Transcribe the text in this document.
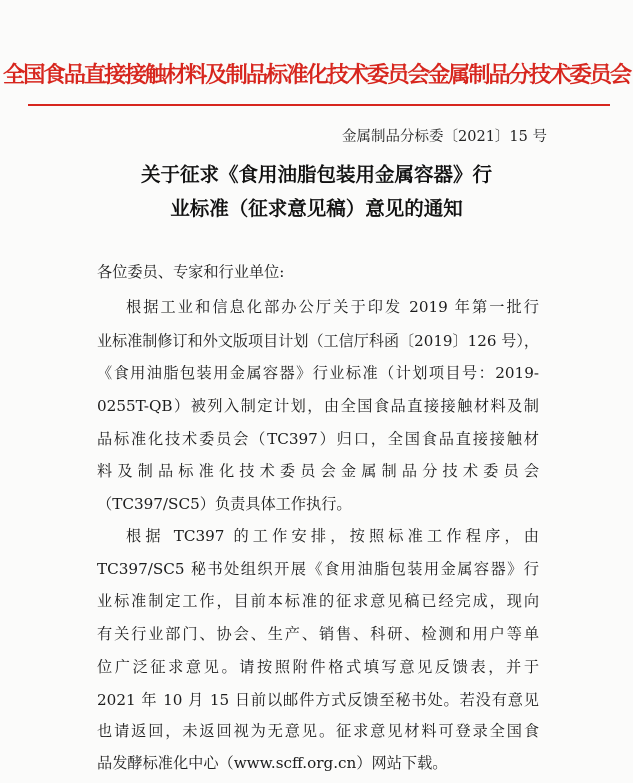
全国食品直接接触材料及制品标准化技术委员会金属制品分技术委员会
金属制品分标委〔2021〕15 号
关于征求《食用油脂包装用金属容器》行
业标准（征求意见稿）意见的通知
各位委员、专家和行业单位:
根据工业和信息化部办公厅关于印发 2019 年第一批行
业标准制修订和外文版项目计划（工信厅科函〔2019〕126 号），
《食用油脂包装用金属容器》行业标准（计划项目号：2019-
0255T-QB）被列入制定计划，由全国食品直接接触材料及制
品标准化技术委员会（TC397）归口，全国食品直接接触材
料及制品标准化技术委员会金属制品分技术委员会
（TC397/SC5）负责具体工作执行。
根据 TC397 的工作安排，按照标准工作程序，由
TC397/SC5 秘书处组织开展《食用油脂包装用金属容器》行
业标准制定工作，目前本标准的征求意见稿已经完成，现向
有关行业部门、协会、生产、销售、科研、检测和用户等单
位广泛征求意见。请按照附件格式填写意见反馈表，并于
2021 年 10 月 15 日前以邮件方式反馈至秘书处。若没有意见
也请返回，未返回视为无意见。征求意见材料可登录全国食
品发酵标准化中心（www.scff.org.cn）网站下载。
